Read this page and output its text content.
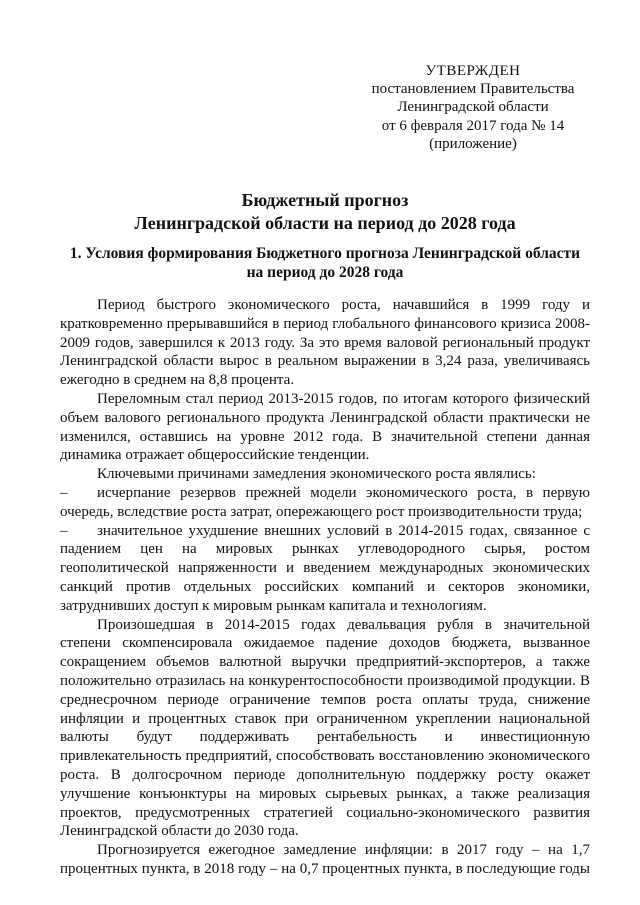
УТВЕРЖДЕН
постановлением Правительства
Ленинградской области
от 6 февраля 2017 года № 14
(приложение)
Бюджетный прогноз
Ленинградской области на период до 2028 года
1. Условия формирования Бюджетного прогноза Ленинградской области
на период до 2028 года

Период быстрого экономического роста, начавшийся в 1999 году и кратковременно прерывавшийся в период глобального финансового кризиса 2008-2009 годов, завершился к 2013 году. За это время валовой региональный продукт Ленинградской области вырос в реальном выражении в 3,24 раза, увеличиваясь ежегодно в среднем на 8,8 процента.

Переломным стал период 2013-2015 годов, по итогам которого физический объем валового регионального продукта Ленинградской области практически не изменился, оставшись на уровне 2012 года. В значительной степени данная динамика отражает общероссийские тенденции.

Ключевыми причинами замедления экономического роста являлись:

– исчерпание резервов прежней модели экономического роста, в первую очередь, вследствие роста затрат, опережающего рост производительности труда;

– значительное ухудшение внешних условий в 2014-2015 годах, связанное с падением цен на мировых рынках углеводородного сырья, ростом геополитической напряженности и введением международных экономических санкций против отдельных российских компаний и секторов экономики, затруднивших доступ к мировым рынкам капитала и технологиям.

Произошедшая в 2014-2015 годах девальвация рубля в значительной степени скомпенсировала ожидаемое падение доходов бюджета, вызванное сокращением объемов валютной выручки предприятий-экспортеров, а также положительно отразилась на конкурентоспособности производимой продукции. В среднесрочном периоде ограничение темпов роста оплаты труда, снижение инфляции и процентных ставок при ограниченном укреплении национальной валюты будут поддерживать рентабельность и инвестиционную привлекательность предприятий, способствовать восстановлению экономического роста. В долгосрочном периоде дополнительную поддержку росту окажет улучшение конъюнктуры на мировых сырьевых рынках, а также реализация проектов, предусмотренных стратегией социально-экономического развития Ленинградской области до 2030 года.

Прогнозируется ежегодное замедление инфляции: в 2017 году – на 1,7 процентных пункта, в 2018 году – на 0,7 процентных пункта, в последующие годы
